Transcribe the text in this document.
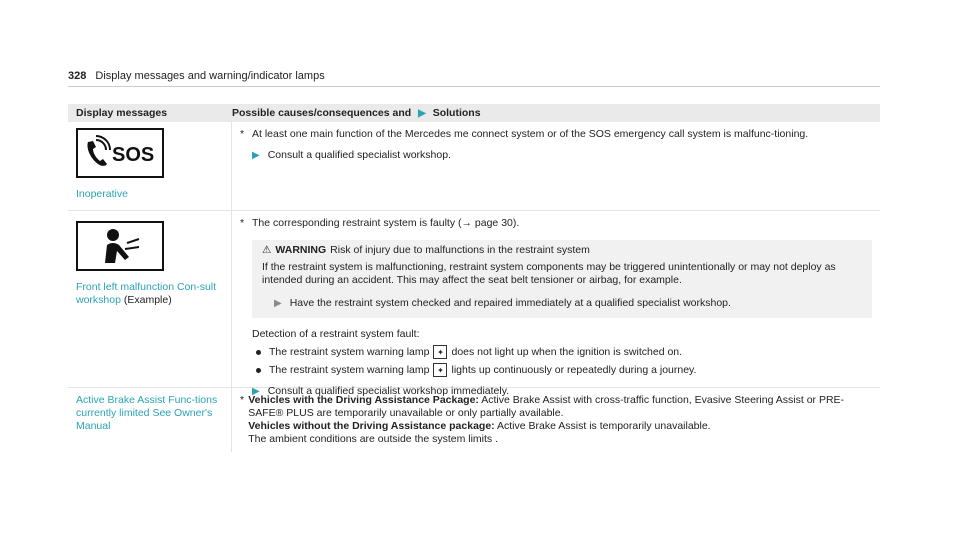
328 Display messages and warning/indicator lamps
Display messages	Possible causes/consequences and ▶ Solutions
SOS
Inoperative
* At least one main function of the Mercedes me connect system or of the SOS emergency call system is malfunc-tioning.
▶ Consult a qualified specialist workshop.
Front left malfunction Con-sult workshop (Example)
* The corresponding restraint system is faulty (→ page 30).
⚠ WARNING Risk of injury due to malfunctions in the restraint system
If the restraint system is malfunctioning, restraint system components may be triggered unintentionally or may not deploy as intended during an accident. This may affect the seat belt tensioner or airbag, for example.
▶ Have the restraint system checked and repaired immediately at a qualified specialist workshop.
Detection of a restraint system fault:
The restraint system warning lamp ✦ does not light up when the ignition is switched on.
The restraint system warning lamp ✦ lights up continuously or repeatedly during a journey.
▶ Consult a qualified specialist workshop immediately.
Active Brake Assist Func-tions currently limited See Owner's Manual
* Vehicles with the Driving Assistance Package: Active Brake Assist with cross-traffic function, Evasive Steering Assist or PRE-SAFE® PLUS are temporarily unavailable or only partially available.
Vehicles without the Driving Assistance package: Active Brake Assist is temporarily unavailable.
The ambient conditions are outside the system limits .
